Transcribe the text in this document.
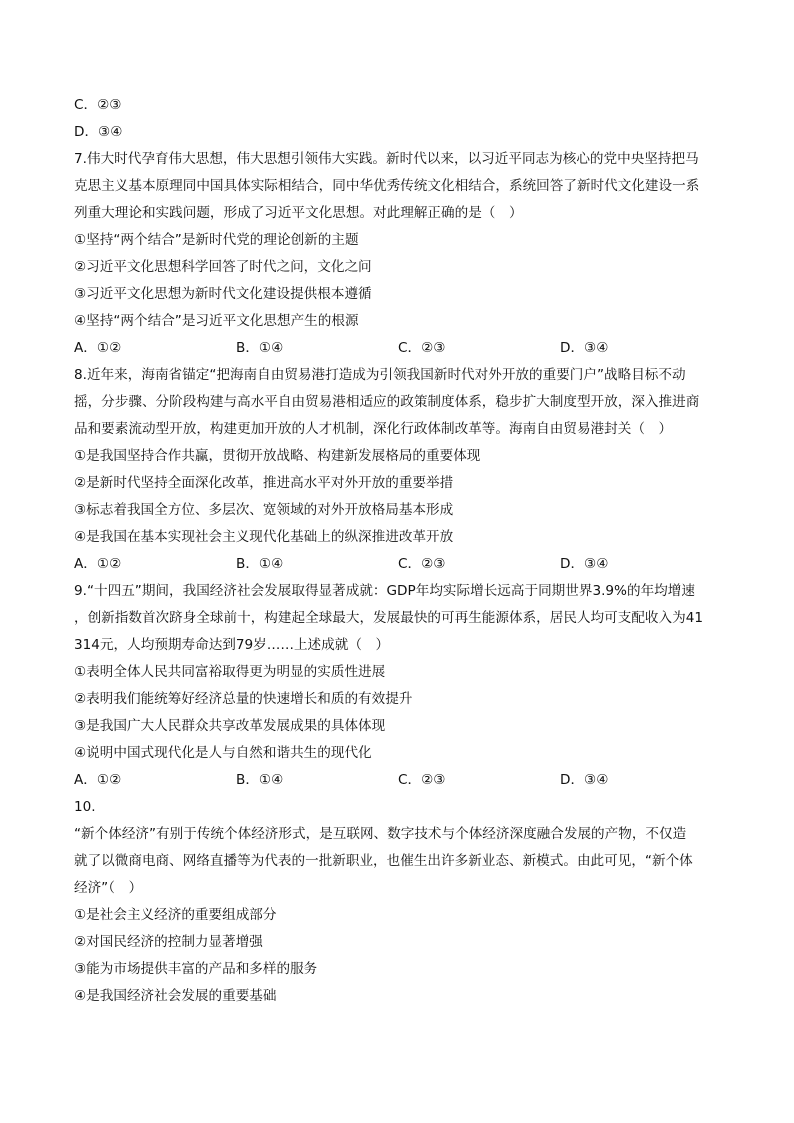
C．②③
D．③④
7.伟大时代孕育伟大思想，伟大思想引领伟大实践。新时代以来，以习近平同志为核心的党中央坚持把马
克思主义基本原理同中国具体实际相结合，同中华优秀传统文化相结合，系统回答了新时代文化建设一系
列重大理论和实践问题，形成了习近平文化思想。对此理解正确的是（　）
①坚持“两个结合”是新时代党的理论创新的主题
②习近平文化思想科学回答了时代之问，文化之问
③习近平文化思想为新时代文化建设提供根本遵循
④坚持“两个结合”是习近平文化思想产生的根源
A．①②	B．①④	C．②③	D．③④
8.近年来，海南省锚定“把海南自由贸易港打造成为引领我国新时代对外开放的重要门户”战略目标不动
摇，分步骤、分阶段构建与高水平自由贸易港相适应的政策制度体系，稳步扩大制度型开放，深入推进商
品和要素流动型开放，构建更加开放的人才机制，深化行政体制改革等。海南自由贸易港封关（　）
①是我国坚持合作共赢，贯彻开放战略、构建新发展格局的重要体现
②是新时代坚持全面深化改革，推进高水平对外开放的重要举措
③标志着我国全方位、多层次、宽领域的对外开放格局基本形成
④是我国在基本实现社会主义现代化基础上的纵深推进改革开放
A．①②	B．①④	C．②③	D．③④
9.“十四五”期间，我国经济社会发展取得显著成就：GDP年均实际增长远高于同期世界3.9%的年均增速
，创新指数首次跻身全球前十，构建起全球最大，发展最快的可再生能源体系，居民人均可支配收入为41
314元，人均预期寿命达到79岁……上述成就（　）
①表明全体人民共同富裕取得更为明显的实质性进展
②表明我们能统筹好经济总量的快速增长和质的有效提升
③是我国广大人民群众共享改革发展成果的具体体现
④说明中国式现代化是人与自然和谐共生的现代化
A．①②	B．①④	C．②③	D．③④
10.
“新个体经济”有别于传统个体经济形式，是互联网、数字技术与个体经济深度融合发展的产物，不仅造
就了以微商电商、网络直播等为代表的一批新职业，也催生出许多新业态、新模式。由此可见，“新个体
经济”（　）
①是社会主义经济的重要组成部分
②对国民经济的控制力显著增强
③能为市场提供丰富的产品和多样的服务
④是我国经济社会发展的重要基础
